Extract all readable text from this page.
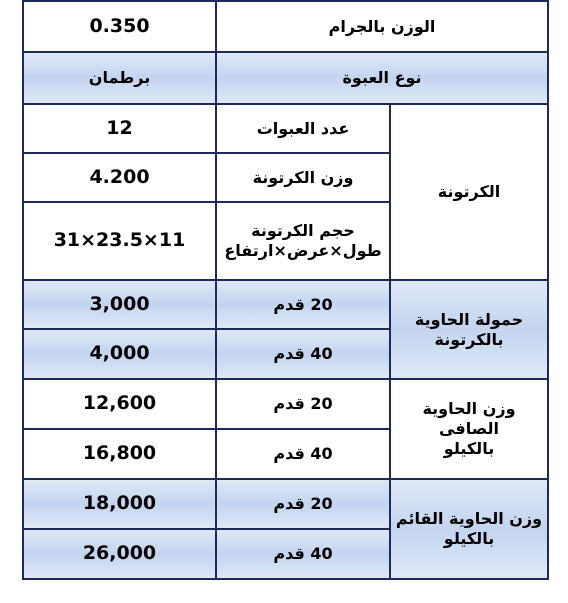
0.350	الوزن بالجرام
برطمان	نوع العبوة
12	عدد العبوات
4.200	وزن الكرتونة
31×23.5×11	حجم الكرتونة
طول×عرض×ارتفاع
الكرتونة
3,000	20 قدم
4,000	40 قدم
حمولة الحاوية
بالكرتونة
12,600	20 قدم
16,800	40 قدم
وزن الحاوية الصافى
بالكيلو
18,000	20 قدم
26,000	40 قدم
وزن الحاوية القائم
بالكيلو
